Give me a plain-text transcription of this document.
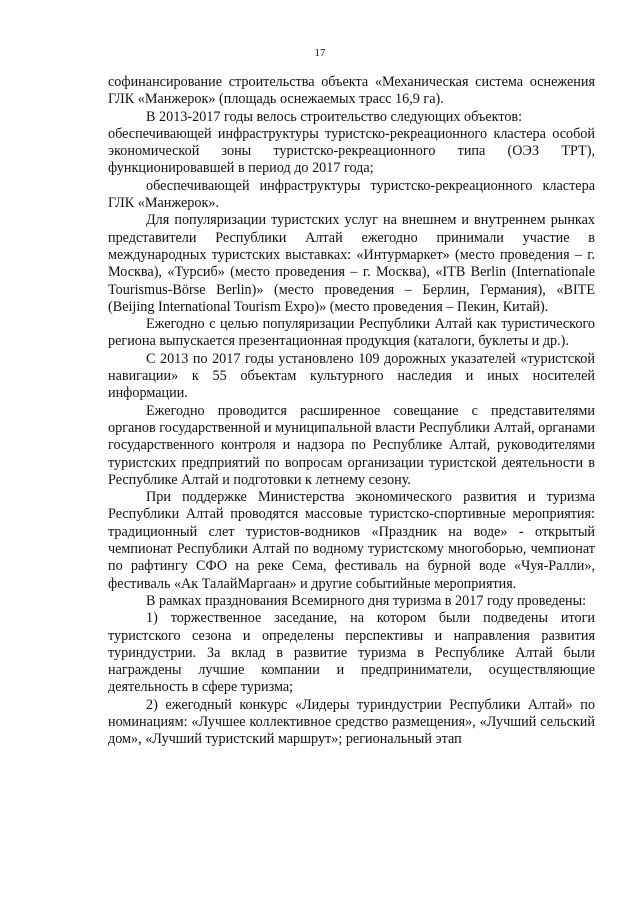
17

софинансирование строительства объекта «Механическая система оснежения ГЛК «Манжерок» (площадь оснежаемых трасс 16,9 га).

В 2013-2017 годы велось строительство следующих объектов:

обеспечивающей инфраструктуры туристско-рекреационного кластера особой экономической зоны туристско-рекреационного типа (ОЭЗ ТРТ), функционировавшей в период до 2017 года;

обеспечивающей инфраструктуры туристско-рекреационного кластера ГЛК «Манжерок».

Для популяризации туристских услуг на внешнем и внутреннем рынках представители Республики Алтай ежегодно принимали участие в международных туристских выставках: «Интурмаркет» (место проведения – г. Москва), «Турсиб» (место проведения – г. Москва), «ITB Berlin (Internationale Tourismus-Börse Berlin)» (место проведения – Берлин, Германия), «BITE (Beijing International Tourism Expo)» (место проведения – Пекин, Китай).

Ежегодно с целью популяризации Республики Алтай как туристического региона выпускается презентационная продукция (каталоги, буклеты и др.).

С 2013 по 2017 годы установлено 109 дорожных указателей «туристской навигации» к 55 объектам культурного наследия и иных носителей информации.

Ежегодно проводится расширенное совещание с представителями органов государственной и муниципальной власти Республики Алтай, органами государственного контроля и надзора по Республике Алтай, руководителями туристских предприятий по вопросам организации туристской деятельности в Республике Алтай и подготовки к летнему сезону.

При поддержке Министерства экономического развития и туризма Республики Алтай проводятся массовые туристско-спортивные мероприятия: традиционный слет туристов-водников «Праздник на воде» - открытый чемпионат Республики Алтай по водному туристскому многоборью, чемпионат по рафтингу СФО на реке Сема, фестиваль на бурной воде «Чуя-Ралли», фестиваль «Ак ТалайМаргаан» и другие событийные мероприятия.

В рамках празднования Всемирного дня туризма в 2017 году проведены:

1) торжественное заседание, на котором были подведены итоги туристского сезона и определены перспективы и направления развития туриндустрии. За вклад в развитие туризма в Республике Алтай были награждены лучшие компании и предприниматели, осуществляющие деятельность в сфере туризма;

2) ежегодный конкурс «Лидеры туриндустрии Республики Алтай» по номинациям: «Лучшее коллективное средство размещения», «Лучший сельский дом», «Лучший туристский маршрут»; региональный этап
